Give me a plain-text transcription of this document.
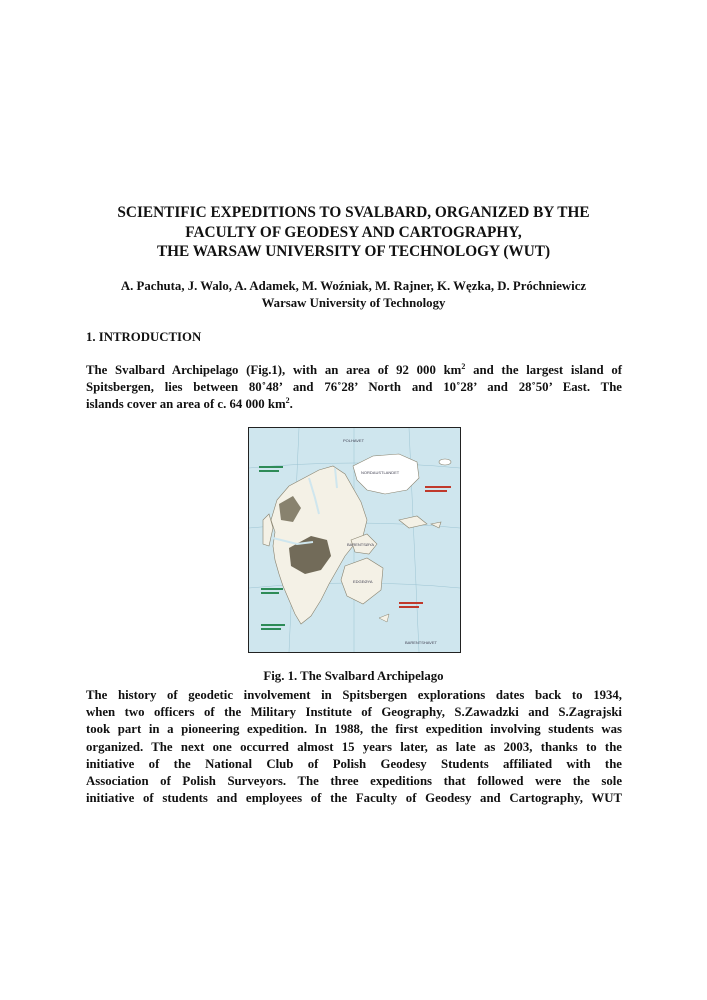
SCIENTIFIC EXPEDITIONS TO SVALBARD, ORGANIZED BY THE
FACULTY OF GEODESY AND CARTOGRAPHY,
THE WARSAW UNIVERSITY OF TECHNOLOGY (WUT)
A. Pachuta, J. Walo, A. Adamek, M. Woźniak, M. Rajner, K. Węzka, D. Próchniewicz
Warsaw University of Technology
1. INTRODUCTION
The Svalbard Archipelago (Fig.1), with an area of 92 000 $km^2$ and the largest island of
Spitsbergen, lies between 80˚48’ and 76˚28’ North and 10˚28’ and 28˚50’ East. The
islands cover an area of c. 64 000 $km^2$.
POLHAVET
NORDAUSTLANDET
BARENTSØYA
EDGEØYA
BARENTSHAVET
Fig. 1. The Svalbard Archipelago
The history of geodetic involvement in Spitsbergen explorations dates back to 1934,
when two officers of the Military Institute of Geography, S.Zawadzki and S.Zagrajski
took part in a pioneering expedition. In 1988, the first expedition involving students was
organized. The next one occurred almost 15 years later, as late as 2003, thanks to the
initiative of the National Club of Polish Geodesy Students affiliated with the
Association of Polish Surveyors. The three expeditions that followed were the sole
initiative of students and employees of the Faculty of Geodesy and Cartography, WUT
